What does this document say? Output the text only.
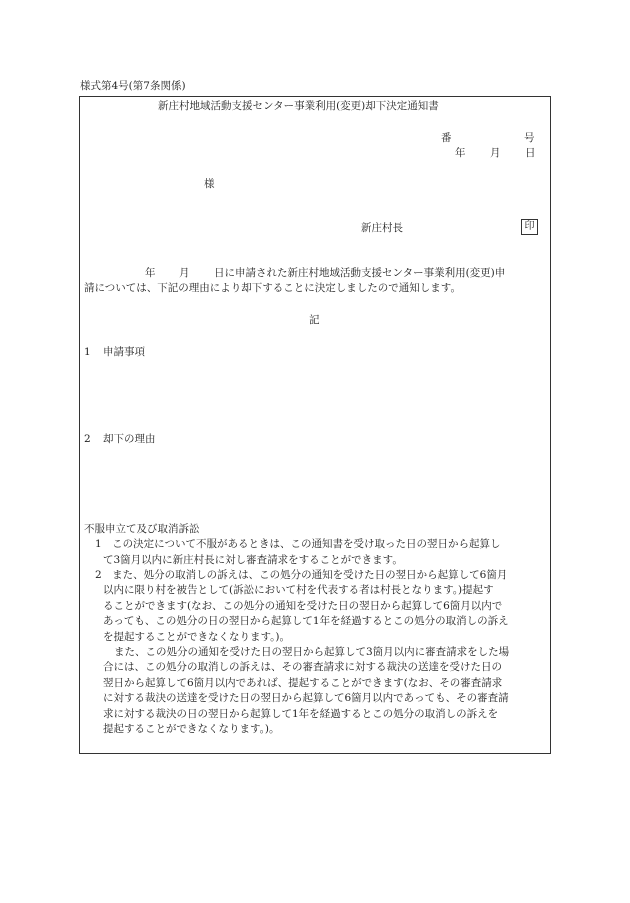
様式第4号(第7条関係)
新庄村地域活動支援センター事業利用(変更)却下決定通知書
番	号
年 月 日
様
新庄村長	印
年 月 日に申請された新庄村地域活動支援センター事業利用(変更)申
請については、下記の理由により却下することに決定しましたので通知します。
記
1 申請事項
2 却下の理由
不服申立て及び取消訴訟
1　この決定について不服があるときは、この通知書を受け取った日の翌日から起算し
て3箇月以内に新庄村長に対し審査請求をすることができます。
2　また、処分の取消しの訴えは、この処分の通知を受けた日の翌日から起算して6箇月
以内に限り村を被告として(訴訟において村を代表する者は村長となります。)提起す
ることができます(なお、この処分の通知を受けた日の翌日から起算して6箇月以内で
あっても、この処分の日の翌日から起算して1年を経過するとこの処分の取消しの訴え
を提起することができなくなります。)。
また、この処分の通知を受けた日の翌日から起算して3箇月以内に審査請求をした場
合には、この処分の取消しの訴えは、その審査請求に対する裁決の送達を受けた日の
翌日から起算して6箇月以内であれば、提起することができます(なお、その審査請求
に対する裁決の送達を受けた日の翌日から起算して6箇月以内であっても、その審査請
求に対する裁決の日の翌日から起算して1年を経過するとこの処分の取消しの訴えを
提起することができなくなります。)。
